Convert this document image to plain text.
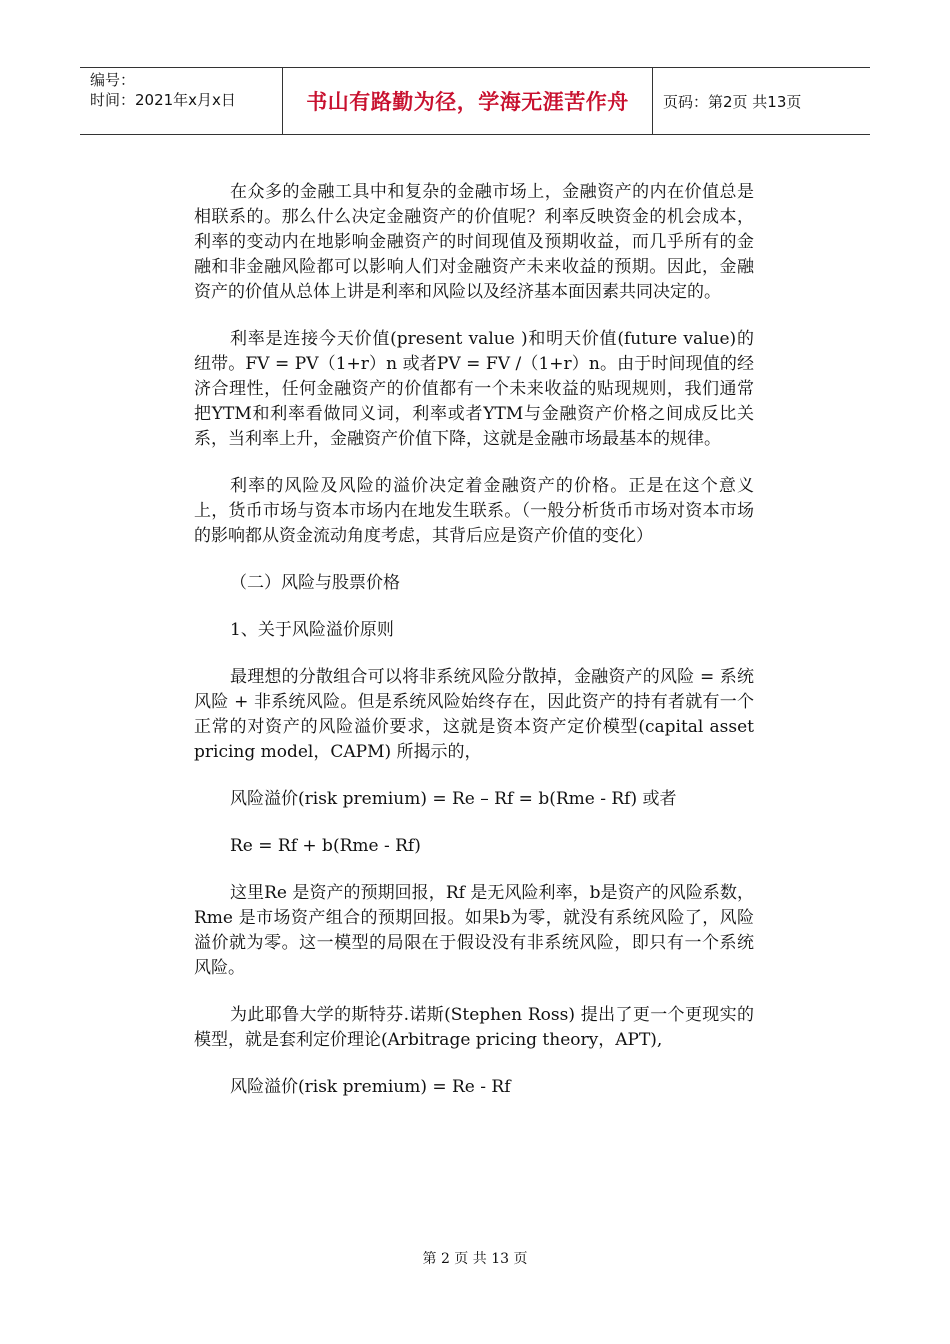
编号：
时间：2021年x月x日	书山有路勤为径，学海无涯苦作舟	页码：第2页 共13页

在众多的金融工具中和复杂的金融市场上，金融资产的内在价值总是相联系的。那么什么决定金融资产的价值呢？利率反映资金的机会成本，利率的变动内在地影响金融资产的时间现值及预期收益，而几乎所有的金融和非金融风险都可以影响人们对金融资产未来收益的预期。因此，金融资产的价值从总体上讲是利率和风险以及经济基本面因素共同决定的。

利率是连接今天价值(present value )和明天价值(future value)的纽带。FV = PV（1+r）n 或者PV = FV /（1+r）n。由于时间现值的经济合理性，任何金融资产的价值都有一个未来收益的贴现规则，我们通常把YTM和利率看做同义词，利率或者YTM与金融资产价格之间成反比关系，当利率上升，金融资产价值下降，这就是金融市场最基本的规律。

利率的风险及风险的溢价决定着金融资产的价格。正是在这个意义上，货币市场与资本市场内在地发生联系。（一般分析货币市场对资本市场的影响都从资金流动角度考虑，其背后应是资产价值的变化）

（二）风险与股票价格

1、关于风险溢价原则

最理想的分散组合可以将非系统风险分散掉，金融资产的风险 = 系统风险 + 非系统风险。但是系统风险始终存在，因此资产的持有者就有一个正常的对资产的风险溢价要求，这就是资本资产定价模型(capital asset pricing model，CAPM) 所揭示的，

风险溢价(risk premium) = Re – Rf = b(Rme - Rf) 或者

Re = Rf + b(Rme - Rf)

这里Re 是资产的预期回报，Rf 是无风险利率，b是资产的风险系数，Rme 是市场资产组合的预期回报。如果b为零，就没有系统风险了，风险溢价就为零。这一模型的局限在于假设没有非系统风险，即只有一个系统风险。

为此耶鲁大学的斯特芬.诺斯(Stephen Ross) 提出了更一个更现实的模型，就是套利定价理论(Arbitrage pricing theory，APT),

风险溢价(risk premium) = Re - Rf

第 2 页 共 13 页
